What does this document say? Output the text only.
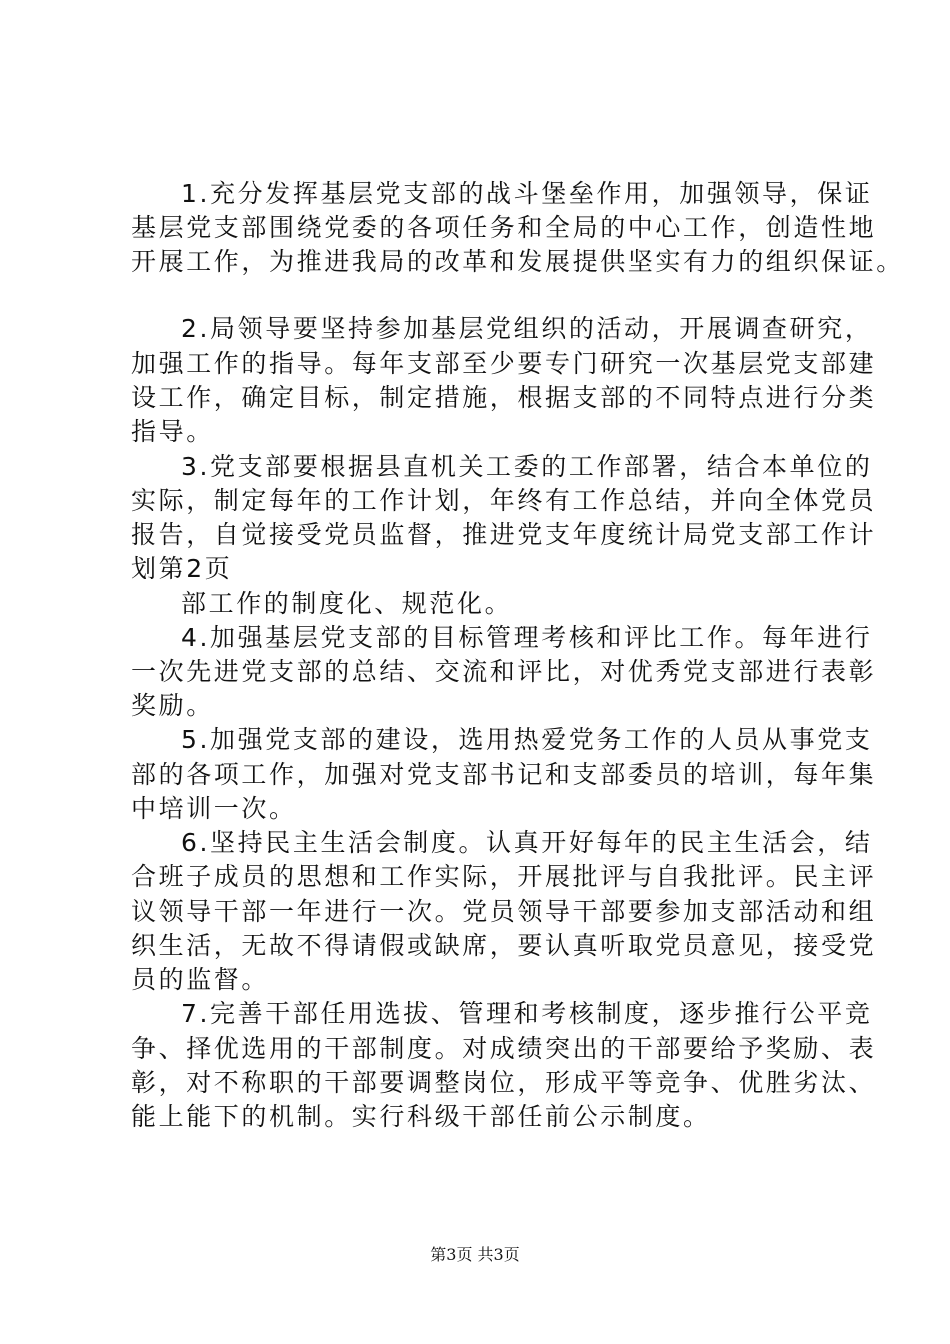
1.充分发挥基层党支部的战斗堡垒作用，加强领导，保证
基层党支部围绕党委的各项任务和全局的中心工作，创造性地
开展工作，为推进我局的改革和发展提供坚实有力的组织保证。
2.局领导要坚持参加基层党组织的活动，开展调查研究，
加强工作的指导。每年支部至少要专门研究一次基层党支部建
设工作，确定目标，制定措施，根据支部的不同特点进行分类
指导。
3.党支部要根据县直机关工委的工作部署，结合本单位的
实际，制定每年的工作计划，年终有工作总结，并向全体党员
报告，自觉接受党员监督，推进党支年度统计局党支部工作计
划第2页
部工作的制度化、规范化。
4.加强基层党支部的目标管理考核和评比工作。每年进行
一次先进党支部的总结、交流和评比，对优秀党支部进行表彰
奖励。
5.加强党支部的建设，选用热爱党务工作的人员从事党支
部的各项工作，加强对党支部书记和支部委员的培训，每年集
中培训一次。
6.坚持民主生活会制度。认真开好每年的民主生活会，结
合班子成员的思想和工作实际，开展批评与自我批评。民主评
议领导干部一年进行一次。党员领导干部要参加支部活动和组
织生活，无故不得请假或缺席，要认真听取党员意见，接受党
员的监督。
7.完善干部任用选拔、管理和考核制度，逐步推行公平竞
争、择优选用的干部制度。对成绩突出的干部要给予奖励、表
彰，对不称职的干部要调整岗位，形成平等竞争、优胜劣汰、
能上能下的机制。实行科级干部任前公示制度。
第3页 共3页
